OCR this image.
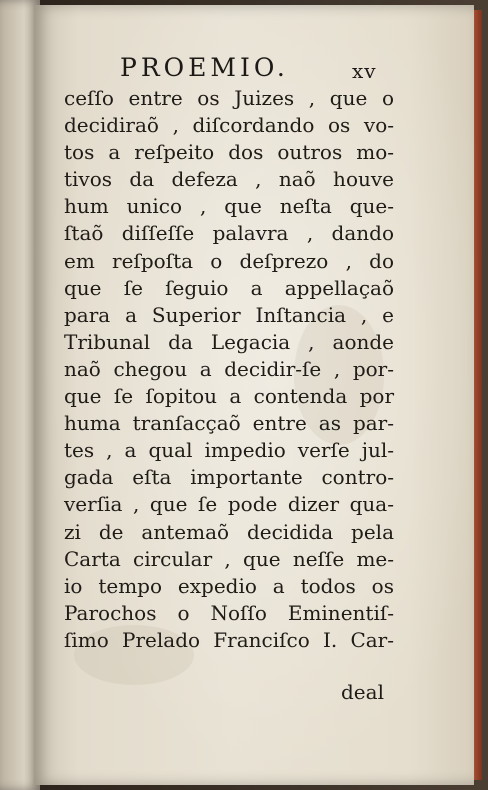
PROEMIO.	xv
ceſſo entre os Juizes , que o
decidiraõ , diſcordando os vo-
tos a reſpeito dos outros mo-
tivos da defeza , naõ houve
hum unico , que neſta que-
ſtaõ diſſeſſe palavra , dando
em reſpoſta o deſprezo , do
que ſe ſeguio a appellaçaõ
para a Superior Inſtancia , e
Tribunal da Legacia , aonde
naõ chegou a decidir-ſe , por-
que ſe ſopitou a contenda por
huma tranſacçaõ entre as par-
tes , a qual impedio verſe jul-
gada eſta importante contro-
verſia , que ſe pode dizer qua-
zi de antemaõ decidida pela
Carta circular , que neſſe me-
io tempo expedio a todos os
Parochos o Noſſo Eminentiſ-
ſimo Prelado Franciſco I. Car-
deal
